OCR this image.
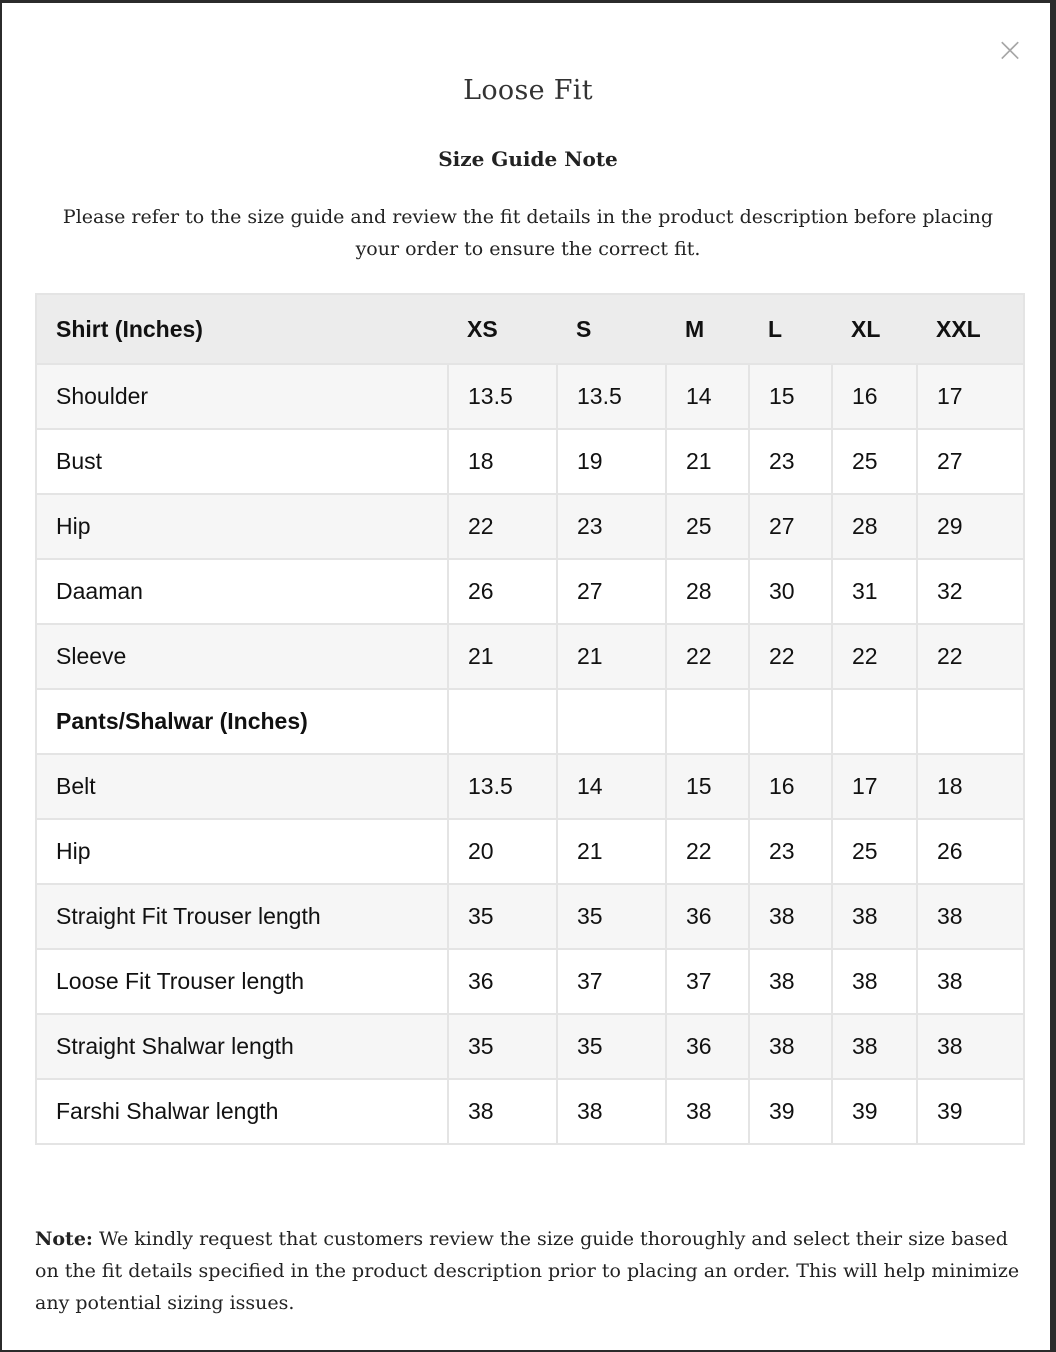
×
Loose Fit
Size Guide Note
Please refer to the size guide and review the fit details in the product description before placing your order to ensure the correct fit.
Shirt (Inches)	XS	S	M	L	XL	XXL
Shoulder	13.5	13.5	14	15	16	17
Bust	18	19	21	23	25	27
Hip	22	23	25	27	28	29
Daaman	26	27	28	30	31	32
Sleeve	21	21	22	22	22	22
Pants/Shalwar (Inches)						
Belt	13.5	14	15	16	17	18
Hip	20	21	22	23	25	26
Straight Fit Trouser length	35	35	36	38	38	38
Loose Fit Trouser length	36	37	37	38	38	38
Straight Shalwar length	35	35	36	38	38	38
Farshi Shalwar length	38	38	38	39	39	39
Note: We kindly request that customers review the size guide thoroughly and select their size based on the fit details specified in the product description prior to placing an order. This will help minimize any potential sizing issues.
